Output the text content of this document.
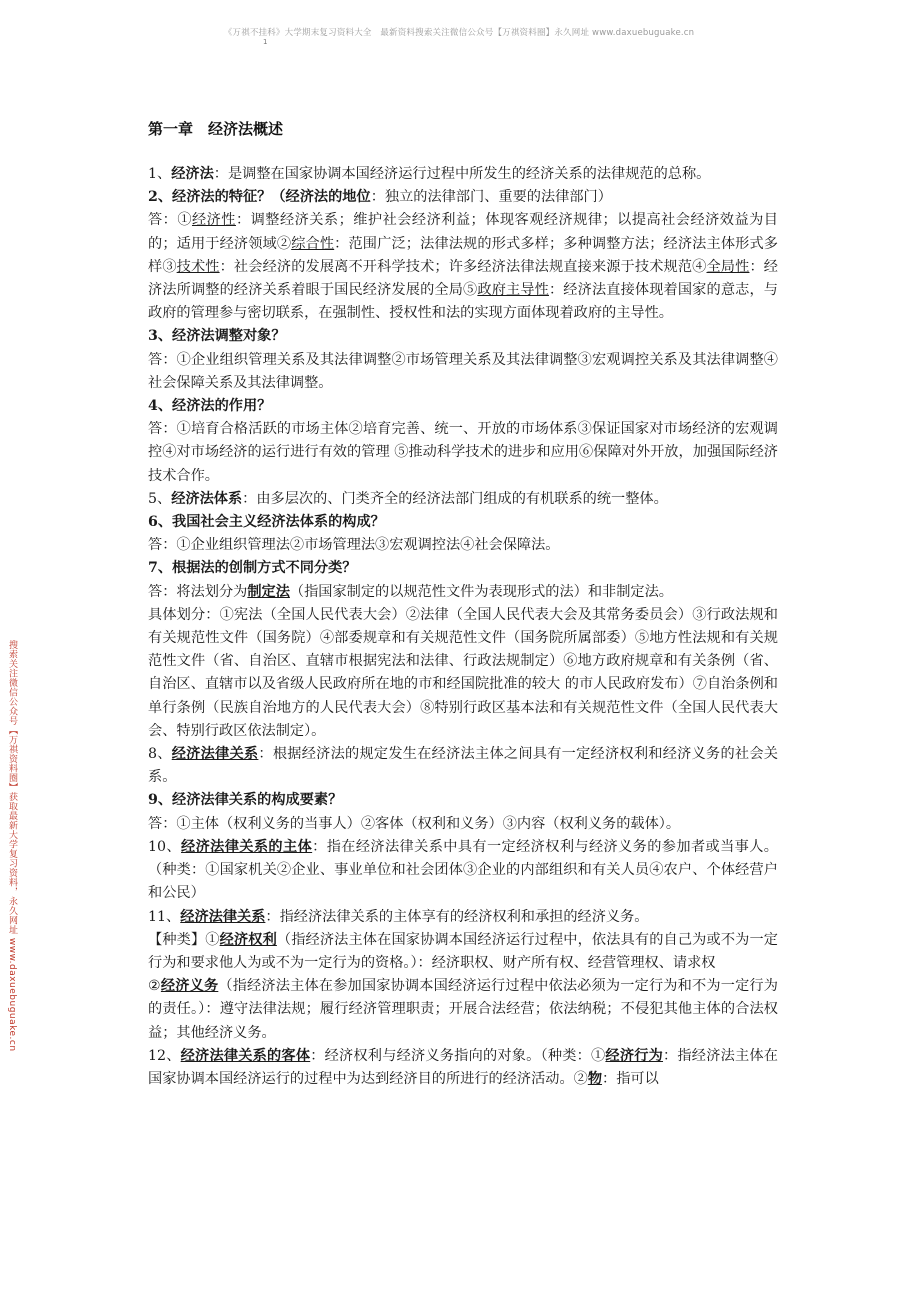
《万祺不挂科》大学期末复习资料大全　最新资料搜索关注微信公众号【万祺资料圈】永久网址 www.daxuebuguake.cn
1
搜索关注微信公众号【万祺资料圈】获取最新大学复习资料，永久网址 www.daxuebuguake.cn
第一章　经济法概述

1、经济法：是调整在国家协调本国经济运行过程中所发生的经济关系的法律规范的总称。

2、经济法的特征？（经济法的地位：独立的法律部门、重要的法律部门）

答：①经济性：调整经济关系；维护社会经济利益；体现客观经济规律；以提高社会经济效益为目的；适用于经济领域②综合性：范围广泛；法律法规的形式多样；多种调整方法；经济法主体形式多样③技术性：社会经济的发展离不开科学技术；许多经济法律法规直接来源于技术规范④全局性：经济法所调整的经济关系着眼于国民经济发展的全局⑤政府主导性：经济法直接体现着国家的意志，与政府的管理参与密切联系，在强制性、授权性和法的实现方面体现着政府的主导性。

3、经济法调整对象？

答：①企业组织管理关系及其法律调整②市场管理关系及其法律调整③宏观调控关系及其法律调整④社会保障关系及其法律调整。

4、经济法的作用？

答：①培育合格活跃的市场主体②培育完善、统一、开放的市场体系③保证国家对市场经济的宏观调控④对市场经济的运行进行有效的管理 ⑤推动科学技术的进步和应用⑥保障对外开放，加强国际经济技术合作。

5、经济法体系：由多层次的、门类齐全的经济法部门组成的有机联系的统一整体。

6、我国社会主义经济法体系的构成？

答：①企业组织管理法②市场管理法③宏观调控法④社会保障法。

7、根据法的创制方式不同分类？

答：将法划分为制定法（指国家制定的以规范性文件为表现形式的法）和非制定法。

具体划分：①宪法（全国人民代表大会）②法律（全国人民代表大会及其常务委员会）③行政法规和有关规范性文件（国务院）④部委规章和有关规范性文件（国务院所属部委）⑤地方性法规和有关规范性文件（省、自治区、直辖市根据宪法和法律、行政法规制定）⑥地方政府规章和有关条例（省、自治区、直辖市以及省级人民政府所在地的市和经国院批准的较大 的市人民政府发布）⑦自治条例和单行条例（民族自治地方的人民代表大会）⑧特别行政区基本法和有关规范性文件（全国人民代表大会、特别行政区依法制定）。

8、经济法律关系：根据经济法的规定发生在经济法主体之间具有一定经济权利和经济义务的社会关系。

9、经济法律关系的构成要素？

答：①主体（权利义务的当事人）②客体（权利和义务）③内容（权利义务的载体）。

10、经济法律关系的主体：指在经济法律关系中具有一定经济权利与经济义务的参加者或当事人。（种类：①国家机关②企业、事业单位和社会团体③企业的内部组织和有关人员④农户、个体经营户和公民）

11、经济法律关系：指经济法律关系的主体享有的经济权利和承担的经济义务。

【种类】①经济权利（指经济法主体在国家协调本国经济运行过程中，依法具有的自己为或不为一定行为和要求他人为或不为一定行为的资格。）：经济职权、财产所有权、经营管理权、请求权

②经济义务（指经济法主体在参加国家协调本国经济运行过程中依法必须为一定行为和不为一定行为的责任。）：遵守法律法规；履行经济管理职责；开展合法经营；依法纳税；不侵犯其他主体的合法权益；其他经济义务。

12、经济法律关系的客体：经济权利与经济义务指向的对象。（种类：①经济行为：指经济法主体在国家协调本国经济运行的过程中为达到经济目的所进行的经济活动。②物：指可以
